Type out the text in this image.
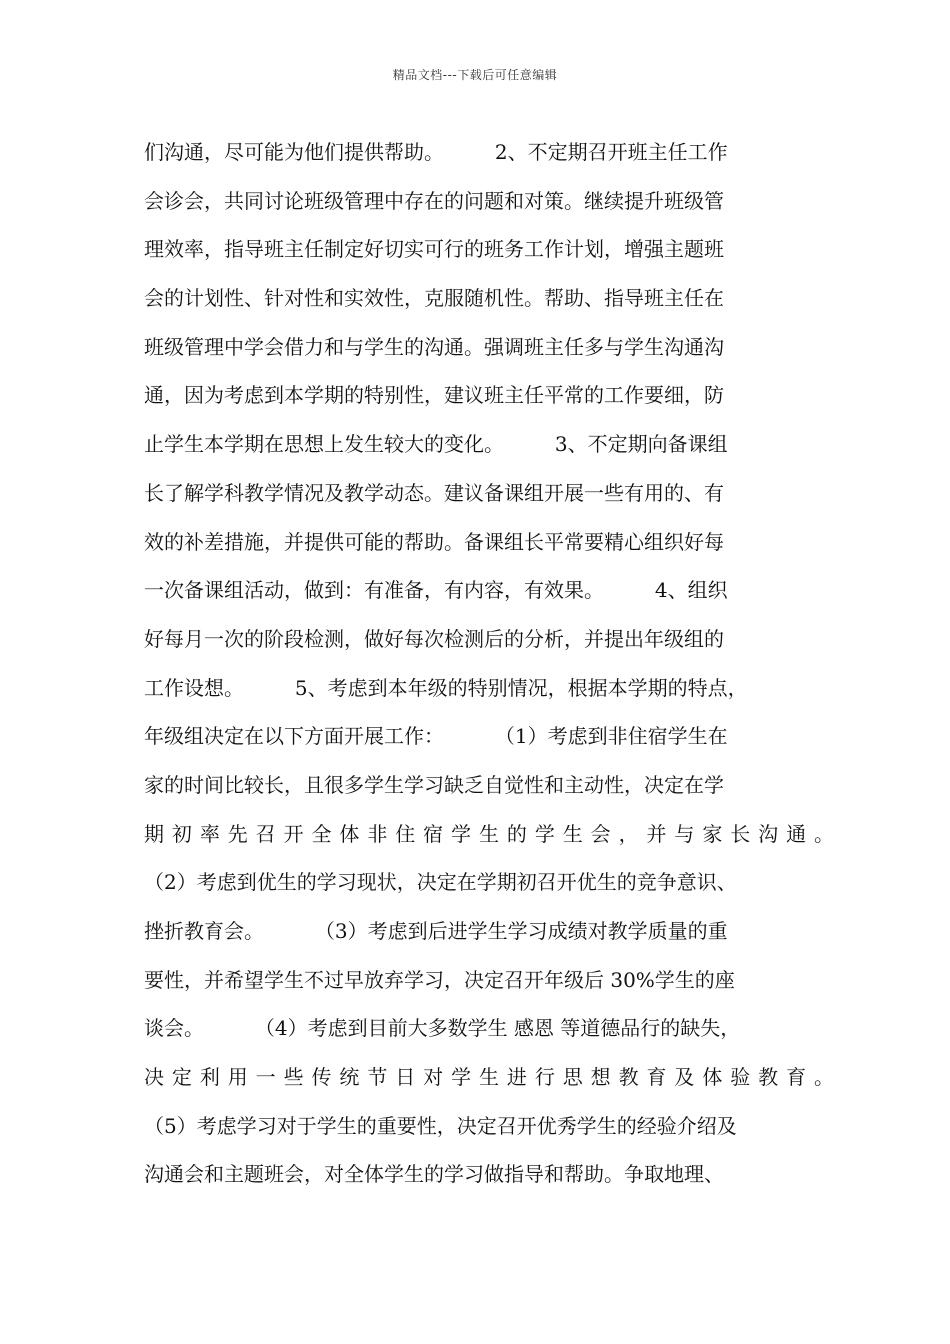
精品文档---下载后可任意编辑
们沟通，尽可能为他们提供帮助。        2、不定期召开班主任工作
会诊会，共同讨论班级管理中存在的问题和对策。继续提升班级管
理效率，指导班主任制定好切实可行的班务工作计划，增强主题班
会的计划性、针对性和实效性，克服随机性。帮助、指导班主任在
班级管理中学会借力和与学生的沟通。强调班主任多与学生沟通沟
通，因为考虑到本学期的特别性，建议班主任平常的工作要细，防
止学生本学期在思想上发生较大的变化。        3、不定期向备课组
长了解学科教学情况及教学动态。建议备课组开展一些有用的、有
效的补差措施，并提供可能的帮助。备课组长平常要精心组织好每
一次备课组活动，做到：有准备，有内容，有效果。        4、组织
好每月一次的阶段检测，做好每次检测后的分析，并提出年级组的
工作设想。        5、考虑到本年级的特别情况，根据本学期的特点，
年级组决定在以下方面开展工作：        （1）考虑到非住宿学生在
家的时间比较长，且很多学生学习缺乏自觉性和主动性，决定在学
期初率先召开全体非住宿学生的学生会，并与家长沟通。
（2）考虑到优生的学习现状，决定在学期初召开优生的竞争意识、
挫折教育会。        （3）考虑到后进学生学习成绩对教学质量的重
要性，并希望学生不过早放弃学习，决定召开年级后 30%学生的座
谈会。        （4）考虑到目前大多数学生 感恩 等道德品行的缺失，
决定利用一些传统节日对学生进行思想教育及体验教育。
（5）考虑学习对于学生的重要性，决定召开优秀学生的经验介绍及
沟通会和主题班会，对全体学生的学习做指导和帮助。争取地理、
